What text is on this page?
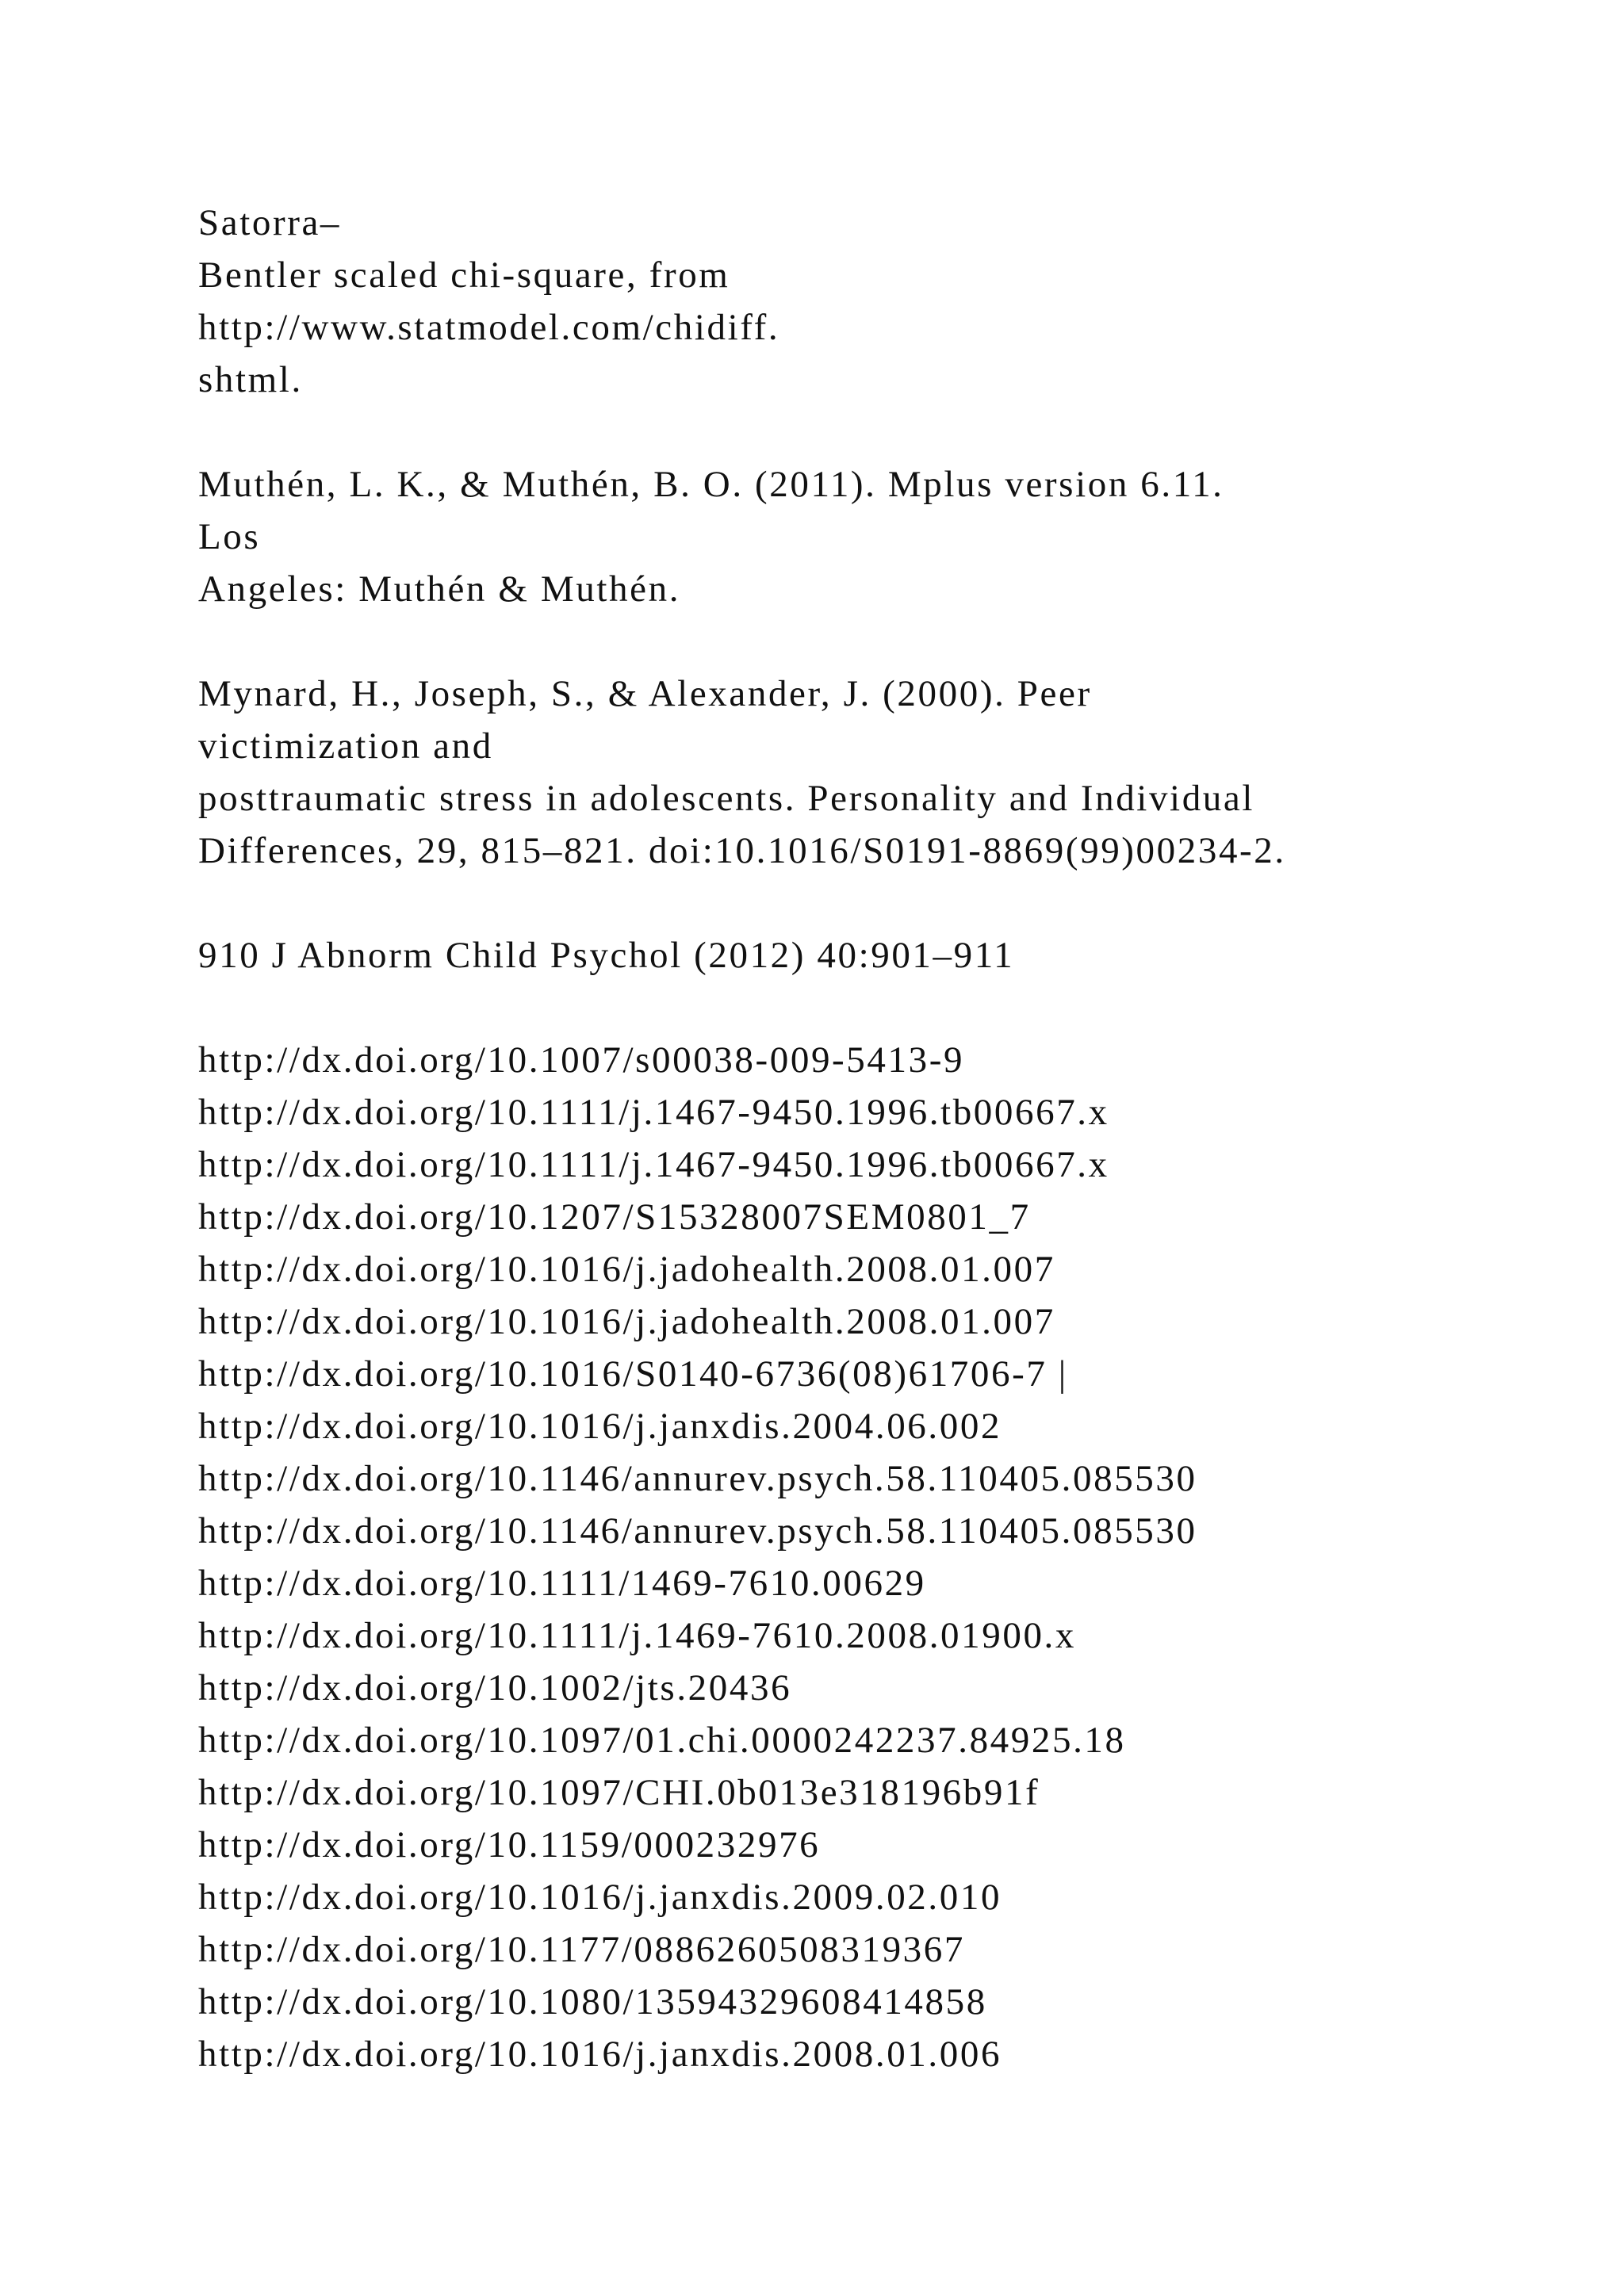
Satorra–
Bentler scaled chi-square, from
http://www.statmodel.com/chidiff.
shtml.
Muthén, L. K., & Muthén, B. O. (2011). Mplus version 6.11.
Los
Angeles: Muthén & Muthén.
Mynard, H., Joseph, S., & Alexander, J. (2000). Peer
victimization and
posttraumatic stress in adolescents. Personality and Individual
Differences, 29, 815–821. doi:10.1016/S0191-8869(99)00234-2.
910 J Abnorm Child Psychol (2012) 40:901–911
http://dx.doi.org/10.1007/s00038-009-5413-9
http://dx.doi.org/10.1111/j.1467-9450.1996.tb00667.x
http://dx.doi.org/10.1111/j.1467-9450.1996.tb00667.x
http://dx.doi.org/10.1207/S15328007SEM0801_7
http://dx.doi.org/10.1016/j.jadohealth.2008.01.007
http://dx.doi.org/10.1016/j.jadohealth.2008.01.007
http://dx.doi.org/10.1016/S0140-6736(08)61706-7 |
http://dx.doi.org/10.1016/j.janxdis.2004.06.002
http://dx.doi.org/10.1146/annurev.psych.58.110405.085530
http://dx.doi.org/10.1146/annurev.psych.58.110405.085530
http://dx.doi.org/10.1111/1469-7610.00629
http://dx.doi.org/10.1111/j.1469-7610.2008.01900.x
http://dx.doi.org/10.1002/jts.20436
http://dx.doi.org/10.1097/01.chi.0000242237.84925.18
http://dx.doi.org/10.1097/CHI.0b013e318196b91f
http://dx.doi.org/10.1159/000232976
http://dx.doi.org/10.1016/j.janxdis.2009.02.010
http://dx.doi.org/10.1177/0886260508319367
http://dx.doi.org/10.1080/13594329608414858
http://dx.doi.org/10.1016/j.janxdis.2008.01.006
